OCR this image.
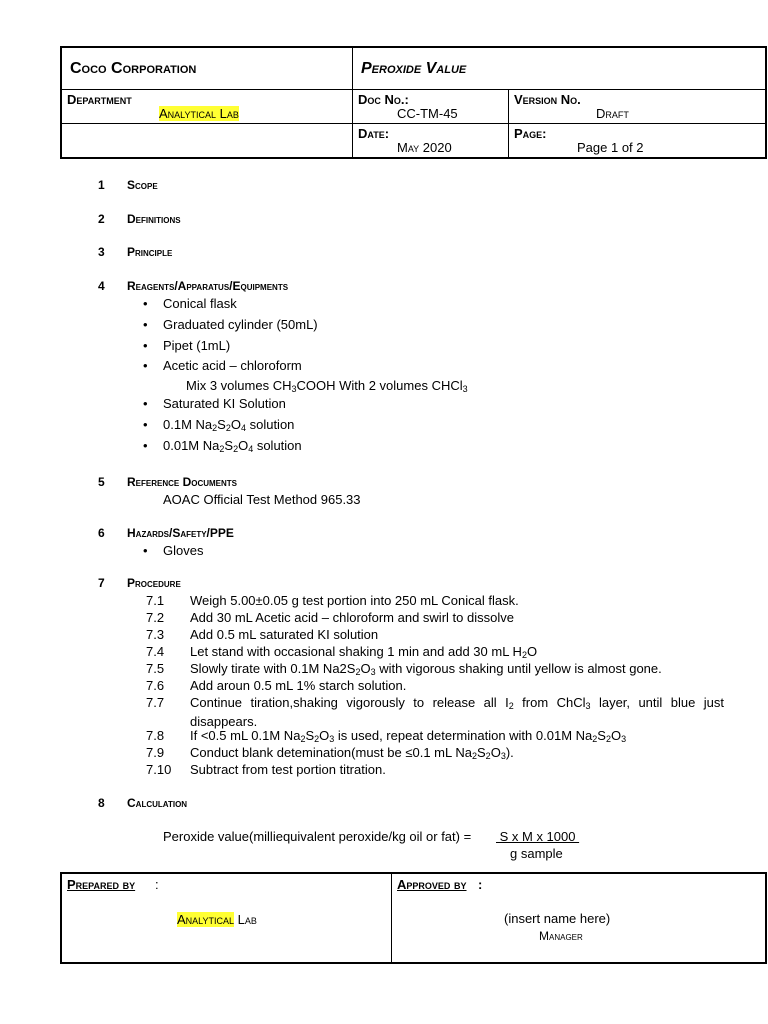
Coco Corporation	Peroxide Value
Department
Analytical Lab
Doc No.:
CC-TM-45
Version No.
Draft
Date:
May 2020
Page:
Page 1 of 2
1 Scope
2 Definitions
3 Principle
4 Reagents/Apparatus/Equipments
• Conical flask
• Graduated cylinder (50mL)
• Pipet (1mL)
• Acetic acid – chloroform
Mix 3 volumes $CH_3COOH$ With 2 volumes CHCl$_3$
• Saturated KI Solution
• 0.1M $Na_2S_2O_4$ solution
• 0.01M $Na_2S_2O_4$ solution
5 Reference Documents
AOAC Official Test Method 965.33
6 Hazards/Safety/PPE
• Gloves
7 Procedure
7.1 Weigh 5.00±0.05 g test portion into 250 mL Conical flask.
7.2 Add 30 mL Acetic acid – chloroform and swirl to dissolve
7.3 Add 0.5 mL saturated KI solution
7.4 Let stand with occasional shaking 1 min and add 30 mL $H_2O$
7.5 Slowly tirate with 0.1M $Na2S_2O_3$ with vigorous shaking until yellow is almost gone.
7.6 Add aroun 0.5 mL 1% starch solution.
7.7 Continue tiration,shaking vigorously to release all $I_2$ from ChCl$_3$ layer, until blue just disappears.
7.8 If <0.5 mL 0.1M $Na_2S_2O_3$ is used, repeat determination with 0.01M $Na_2S_2O_3$
7.9 Conduct blank detemination(must be ≤0.1 mL $Na_2S_2O_3$).
7.10 Subtract from test portion titration.
8 Calculation
Peroxide value(milliequivalent peroxide/kg oil or fat) = S x M x 1000
g sample
Prepared by :
Analytical Lab
Approved by :
(insert name here)
Manager
